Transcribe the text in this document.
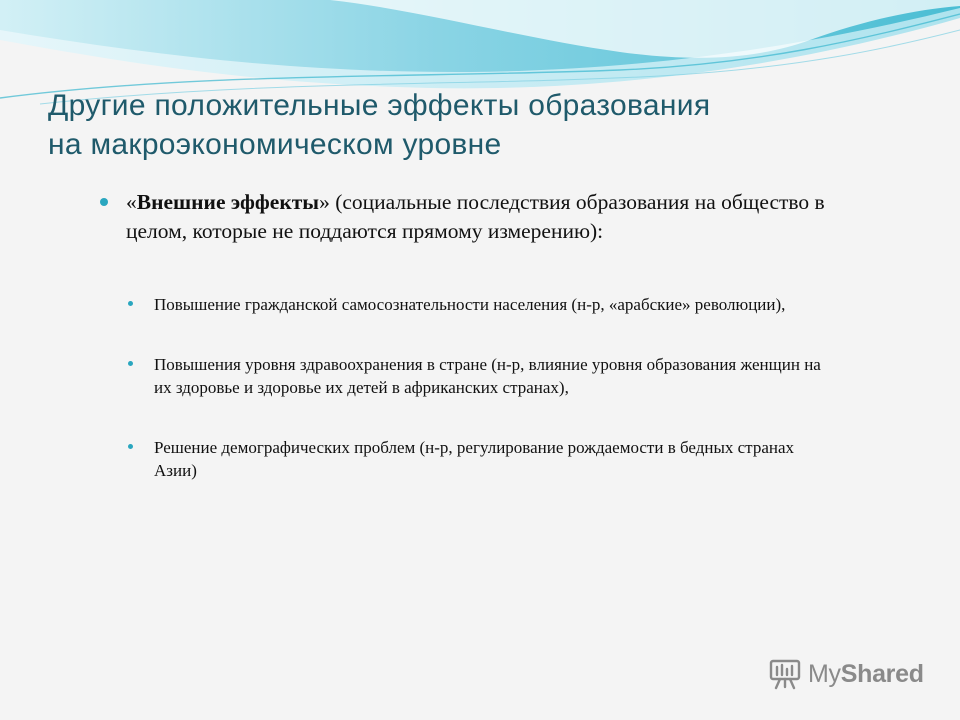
Другие положительные эффекты образования
на макроэкономическом уровне
«Внешние эффекты» (социальные последствия образования на общество в целом, которые не поддаются прямому измерению):
Повышение гражданской самосознательности населения (н-р, «арабские» революции),
Повышения уровня здравоохранения в стране (н-р, влияние уровня образования женщин на их здоровье и здоровье их детей в африканских странах),
Решение демографических проблем (н-р, регулирование рождаемости в бедных странах Азии)
MyShared
